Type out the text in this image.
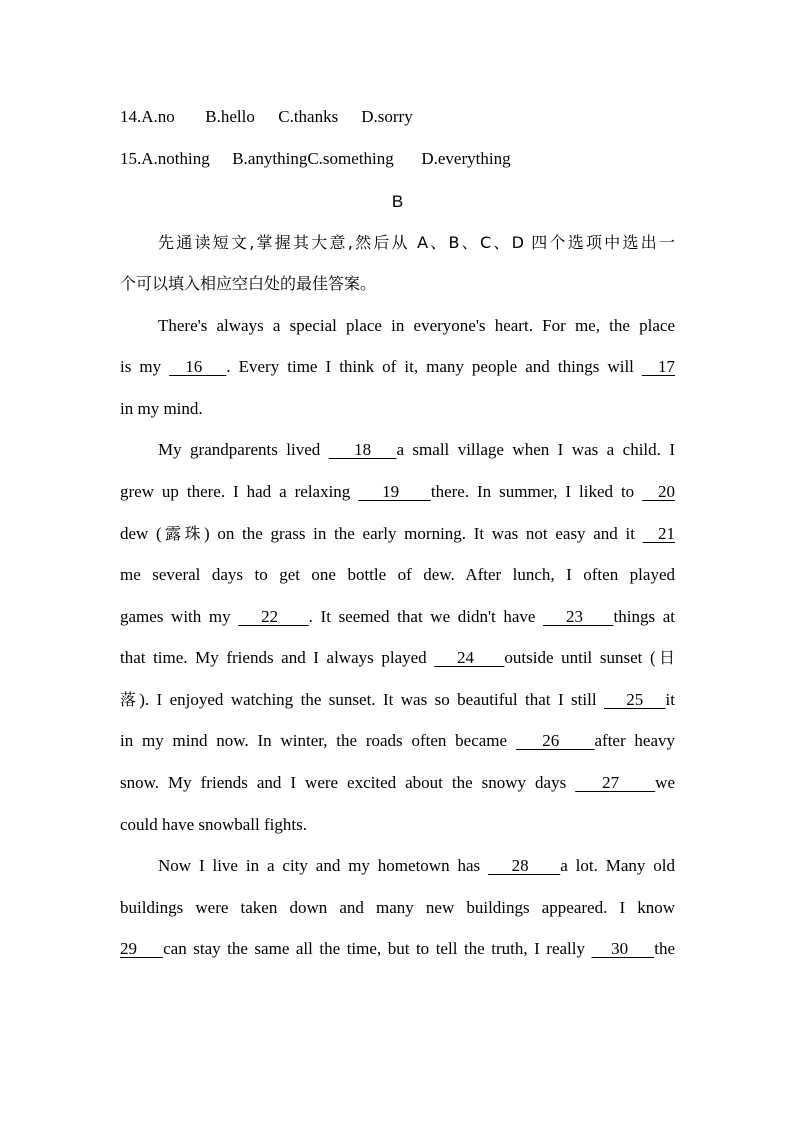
14.A.no B.hello C.thanks D.sorry
15.A.nothing B.anythingC.something D.everything
B
先通读短文,掌握其大意,然后从 A、B、C、D 四个选项中选出一
个可以填入相应空白处的最佳答案。
There's always a special place in everyone's heart. For me, the place
is my   16   . Every time I think of it, many people and things will   17
in my mind.
My grandparents lived    18   a small village when I was a child. I
grew up there. I had a relaxing    19    there. In summer, I liked to   20
dew (露珠) on the grass in the early morning. It was not easy and it   21
me several days to get one bottle of dew. After lunch, I often played
games with my    22    . It seemed that we didn't have    23    things at
that time. My friends and I always played    24    outside until sunset (日
落). I enjoyed watching the sunset. It was so beautiful that I still    25   it
in my mind now. In winter, the roads often became    26    after heavy
snow. My friends and I were excited about the snowy days    27    we
could have snowball fights.
Now I live in a city and my hometown has    28    a lot. Many old
buildings were taken down and many new buildings appeared. I know
29    can stay the same all the time, but to tell the truth, I really    30    the
